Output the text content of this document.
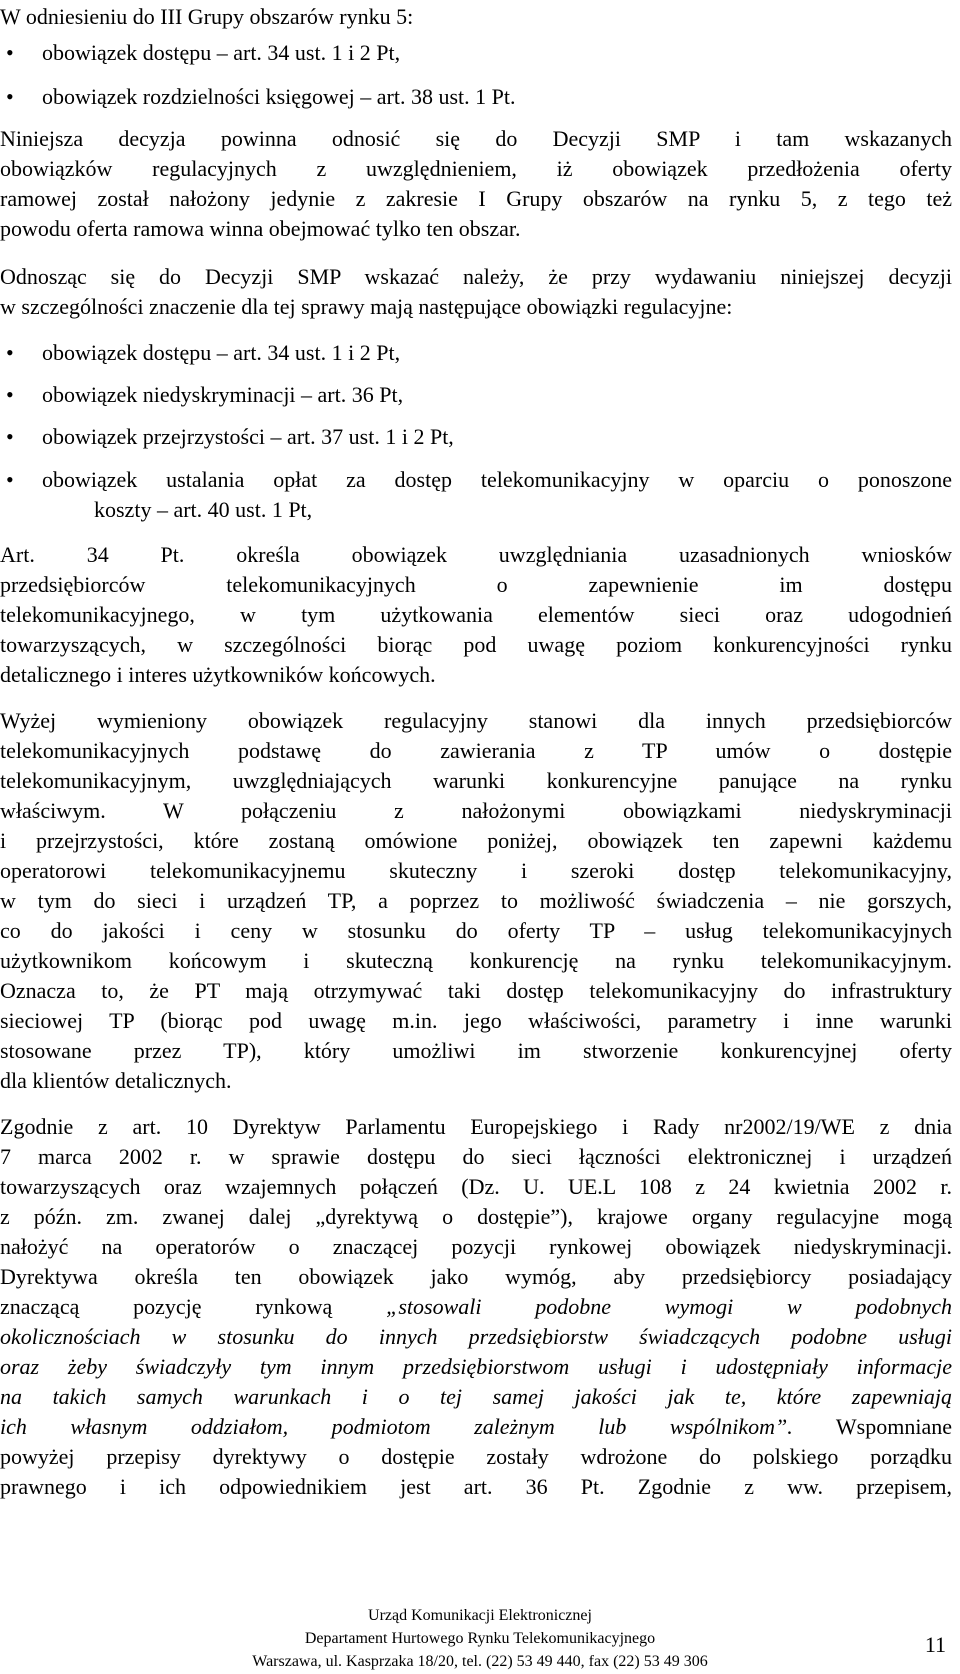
W odniesieniu do III Grupy obszarów rynku 5:
• obowiązek dostępu – art. 34 ust. 1 i 2 Pt,
• obowiązek rozdzielności księgowej – art. 38 ust. 1 Pt.
Niniejsza decyzja powinna odnosić się do Decyzji SMP i tam wskazanych
obowiązków regulacyjnych z uwzględnieniem, iż obowiązek przedłożenia oferty
ramowej został nałożony jedynie z zakresie I Grupy obszarów na rynku 5, z tego też
powodu oferta ramowa winna obejmować tylko ten obszar.
Odnosząc się do Decyzji SMP wskazać należy, że przy wydawaniu niniejszej decyzji
w szczególności znaczenie dla tej sprawy mają następujące obowiązki regulacyjne:
• obowiązek dostępu – art. 34 ust. 1 i 2 Pt,
• obowiązek niedyskryminacji – art. 36 Pt,
• obowiązek przejrzystości – art. 37 ust. 1 i 2 Pt,
• obowiązek ustalania opłat za dostęp telekomunikacyjny w oparciu o ponoszone
koszty – art. 40 ust. 1 Pt,
Art. 34 Pt. określa obowiązek uwzględniania uzasadnionych wniosków
przedsiębiorców telekomunikacyjnych o zapewnienie im dostępu
telekomunikacyjnego, w tym użytkowania elementów sieci oraz udogodnień
towarzyszących, w szczególności biorąc pod uwagę poziom konkurencyjności rynku
detalicznego i interes użytkowników końcowych.
Wyżej wymieniony obowiązek regulacyjny stanowi dla innych przedsiębiorców
telekomunikacyjnych podstawę do zawierania z TP umów o dostępie
telekomunikacyjnym, uwzględniających warunki konkurencyjne panujące na rynku
właściwym. W połączeniu z nałożonymi obowiązkami niedyskryminacji
i przejrzystości, które zostaną omówione poniżej, obowiązek ten zapewni każdemu
operatorowi telekomunikacyjnemu skuteczny i szeroki dostęp telekomunikacyjny,
w tym do sieci i urządzeń TP, a poprzez to możliwość świadczenia – nie gorszych,
co do jakości i ceny w stosunku do oferty TP – usług telekomunikacyjnych
użytkownikom końcowym i skuteczną konkurencję na rynku telekomunikacyjnym.
Oznacza to, że PT mają otrzymywać taki dostęp telekomunikacyjny do infrastruktury
sieciowej TP (biorąc pod uwagę m.in. jego właściwości, parametry i inne warunki
stosowane przez TP), który umożliwi im stworzenie konkurencyjnej oferty
dla klientów detalicznych.
Zgodnie z art. 10 Dyrektyw Parlamentu Europejskiego i Rady nr2002/19/WE z dnia
7 marca 2002 r. w sprawie dostępu do sieci łączności elektronicznej i urządzeń
towarzyszących oraz wzajemnych połączeń (Dz. U. UE.L 108 z 24 kwietnia 2002 r.
z późn. zm. zwanej dalej „dyrektywą o dostępie”), krajowe organy regulacyjne mogą
nałożyć na operatorów o znaczącej pozycji rynkowej obowiązek niedyskryminacji.
Dyrektywa określa ten obowiązek jako wymóg, aby przedsiębiorcy posiadający
znaczącą pozycję rynkową „stosowali podobne wymogi w podobnych
okolicznościach w stosunku do innych przedsiębiorstw świadczących podobne usługi
oraz żeby świadczyły tym innym przedsiębiorstwom usługi i udostępniały informacje
na takich samych warunkach i o tej samej jakości jak te, które zapewniają
ich własnym oddziałom, podmiotom zależnym lub wspólnikom”. Wspomniane
powyżej przepisy dyrektywy o dostępie zostały wdrożone do polskiego porządku
prawnego i ich odpowiednikiem jest art. 36 Pt. Zgodnie z ww. przepisem,
Urząd Komunikacji Elektronicznej
Departament Hurtowego Rynku Telekomunikacyjnego
Warszawa, ul. Kasprzaka 18/20, tel. (22) 53 49 440, fax (22) 53 49 306
11
